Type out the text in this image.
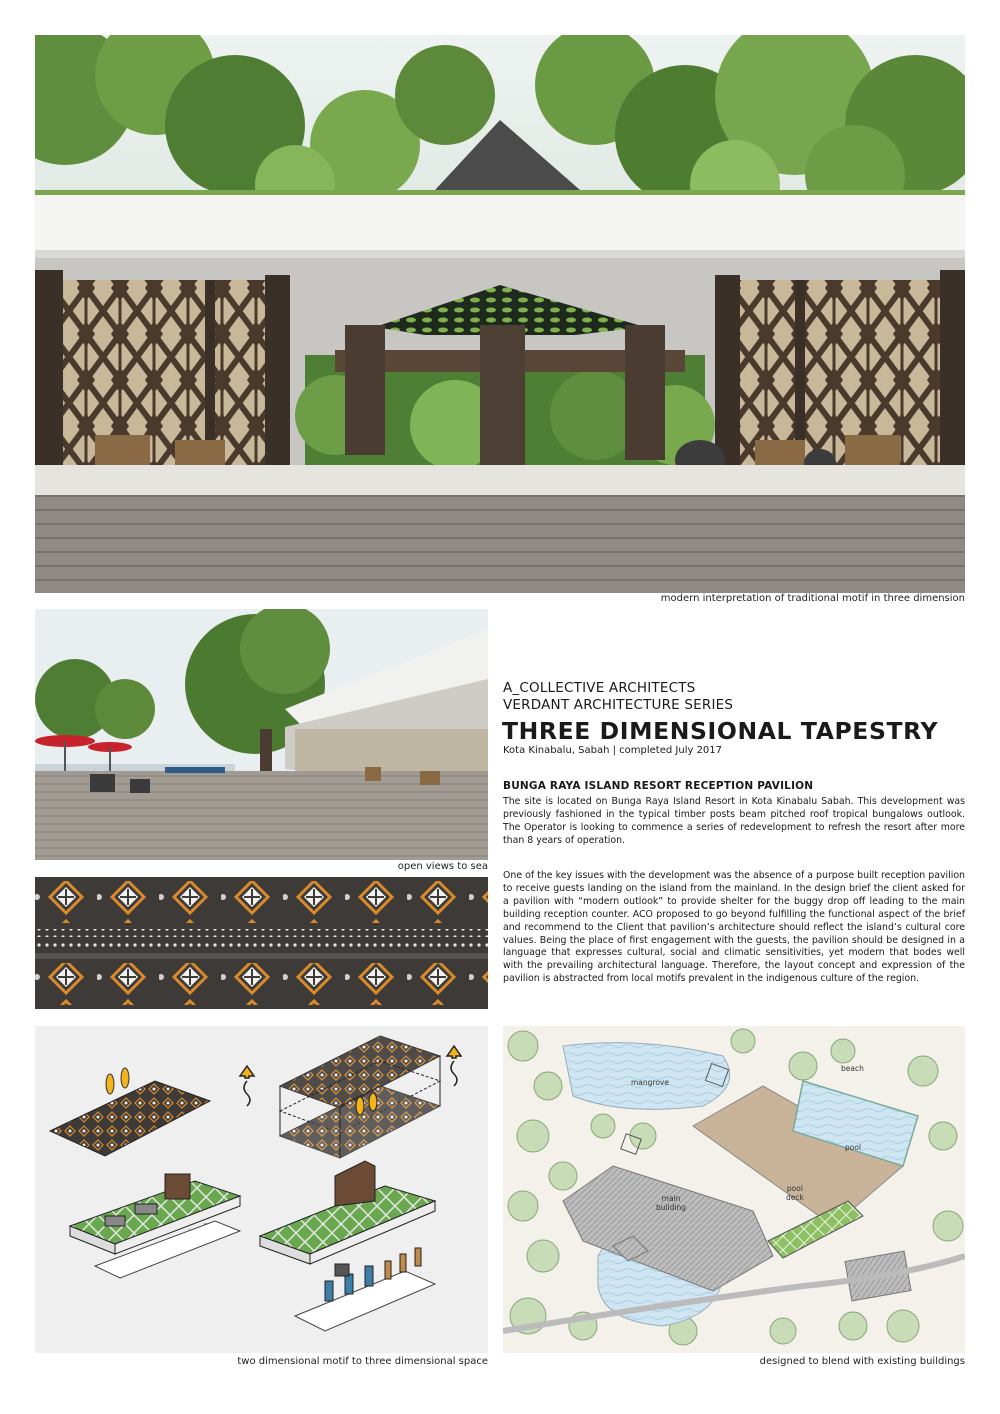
modern interpretation of traditional motif in three dimension
open views to sea
A_COLLECTIVE ARCHITECTS
VERDANT ARCHITECTURE SERIES
THREE DIMENSIONAL TAPESTRY
Kota Kinabalu, Sabah | completed July 2017
BUNGA RAYA ISLAND RESORT RECEPTION PAVILION
The site is located on Bunga Raya Island Resort in Kota Kinabalu Sabah. This development was previously fashioned in the typical timber posts beam pitched roof tropical bungalows outlook. The Operator is looking to commence a series of redevelopment to refresh the resort after more than 8 years of operation.
One of the key issues with the development was the absence of a purpose built reception pavilion to receive guests landing on the island from the mainland. In the design brief the client asked for a pavilion with “modern outlook” to provide shelter for the buggy drop off leading to the main building reception counter. ACO proposed to go beyond fulfilling the functional aspect of the brief and recommend to the Client that pavilion’s architecture should reflect the island’s cultural core values. Being the place of first engagement with the guests, the pavilion should be designed in a language that expresses cultural, social and climatic sensitivities, yet modern that bodes well with the prevailing architectural language. Therefore, the layout concept and expression of the pavilion is abstracted from local motifs prevalent in the indigenous culture of the region.
two dimensional motif to three dimensional space
mangrove
beach
pool
pool
deck
main
building
designed to blend with existing buildings
